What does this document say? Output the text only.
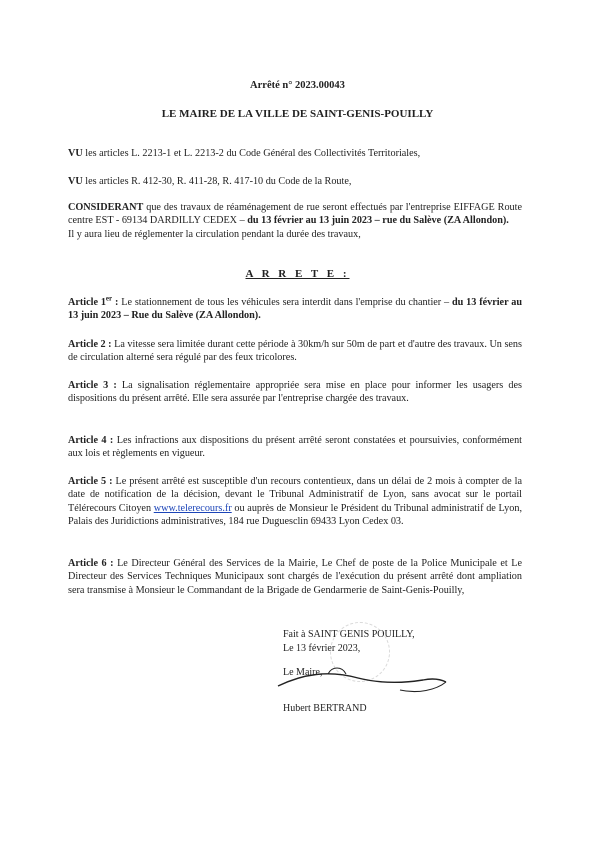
Arrêté n° 2023.00043
LE MAIRE DE LA VILLE DE SAINT-GENIS-POUILLY
VU les articles L. 2213-1 et L. 2213-2 du Code Général des Collectivités Territoriales,
VU les articles R. 412-30, R. 411-28, R. 417-10 du Code de la Route,
CONSIDERANT que des travaux de réaménagement de rue seront effectués par l'entreprise EIFFAGE Route centre EST - 69134 DARDILLY CEDEX – du 13 février au 13 juin 2023 – rue du Salève (ZA Allondon).
Il y aura lieu de réglementer la circulation pendant la durée des travaux,
A R R E T E :
Article 1er : Le stationnement de tous les véhicules sera interdit dans l'emprise du chantier – du 13 février au 13 juin 2023 – Rue du Salève (ZA Allondon).
Article 2 : La vitesse sera limitée durant cette période à 30km/h sur 50m de part et d'autre des travaux. Un sens de circulation alterné sera régulé par des feux tricolores.
Article 3 : La signalisation réglementaire appropriée sera mise en place pour informer les usagers des dispositions du présent arrêté. Elle sera assurée par l'entreprise chargée des travaux.
Article 4 : Les infractions aux dispositions du présent arrêté seront constatées et poursuivies, conformément aux lois et règlements en vigueur.
Article 5 : Le présent arrêté est susceptible d'un recours contentieux, dans un délai de 2 mois à compter de la date de notification de la décision, devant le Tribunal Administratif de Lyon, sans avocat sur le portail Télérecours Citoyen www.telerecours.fr ou auprès de Monsieur le Président du Tribunal administratif de Lyon, Palais des Juridictions administratives, 184 rue Duguesclin 69433 Lyon Cedex 03.
Article 6 : Le Directeur Général des Services de la Mairie, Le Chef de poste de la Police Municipale et Le Directeur des Services Techniques Municipaux sont chargés de l'exécution du présent arrêté dont ampliation sera transmise à Monsieur le Commandant de la Brigade de Gendarmerie de Saint-Genis-Pouilly,
Fait à SAINT GENIS POUILLY,
Le 13 février 2023,
Le Maire,
Hubert BERTRAND
